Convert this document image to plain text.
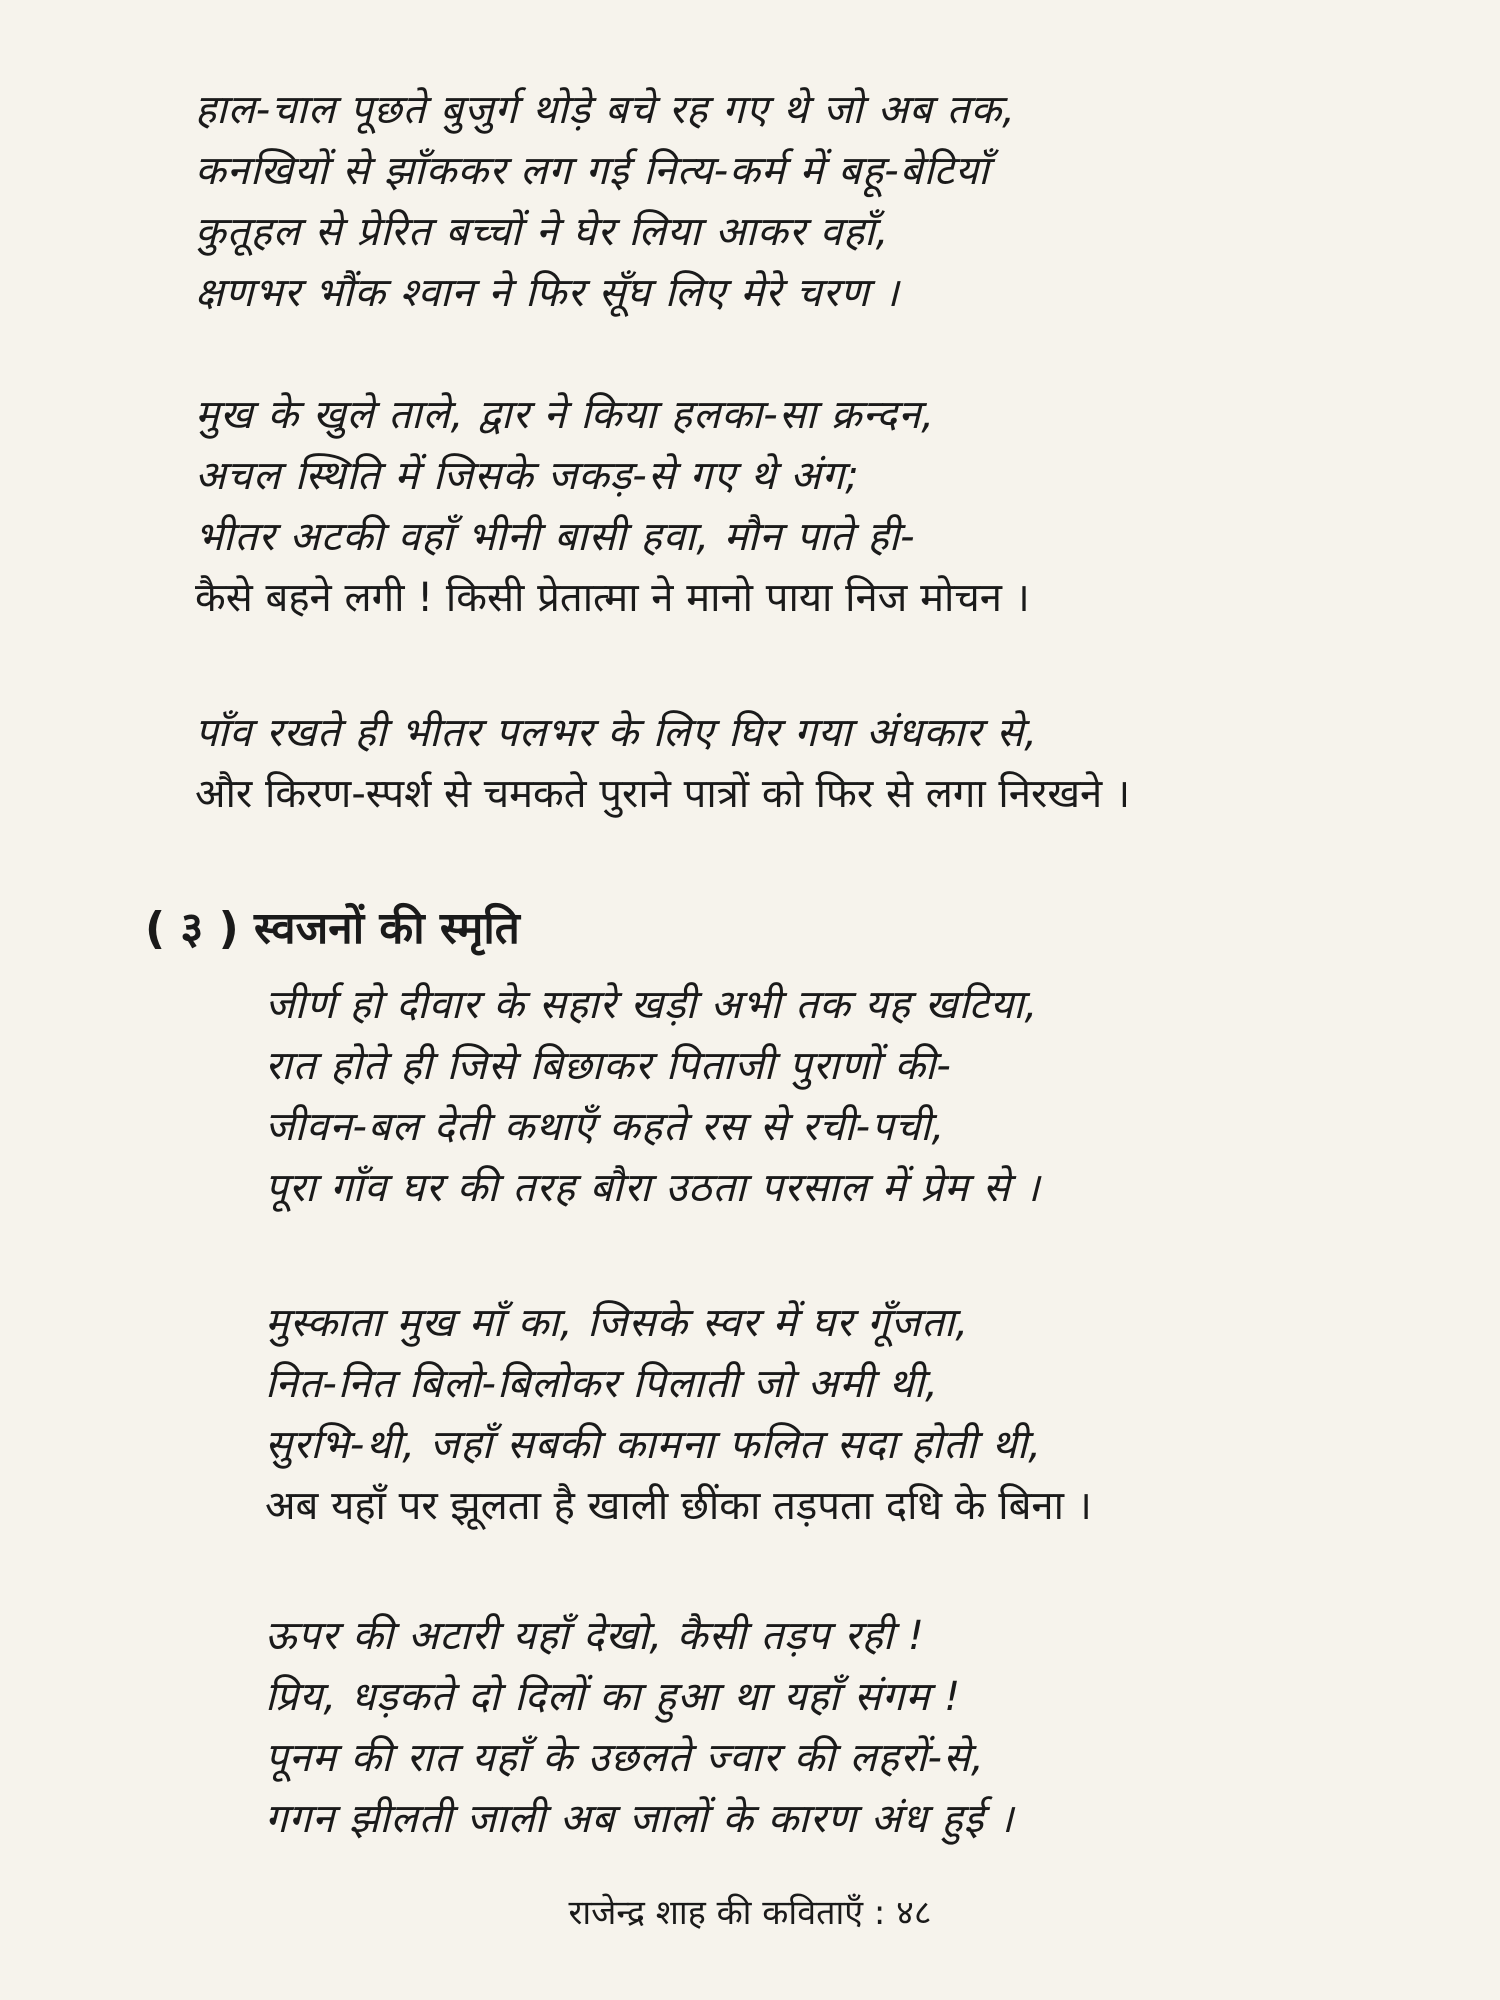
हाल-चाल पूछते बुजुर्ग थोड़े बचे रह गए थे जो अब तक,
कनखियों से झाँककर लग गई नित्य-कर्म में बहू-बेटियाँ
कुतूहल से प्रेरित बच्चों ने घेर लिया आकर वहाँ,
क्षणभर भौंक श्वान ने फिर सूँघ लिए मेरे चरण ।
मुख के खुले ताले, द्वार ने किया हलका-सा क्रन्दन,
अचल स्थिति में जिसके जकड़-से गए थे अंग;
भीतर अटकी वहाँ भीनी बासी हवा, मौन पाते ही-
कैसे बहने लगी ! किसी प्रेतात्मा ने मानो पाया निज मोचन ।
पाँव रखते ही भीतर पलभर के लिए घिर गया अंधकार से,
और किरण-स्पर्श से चमकते पुराने पात्रों को फिर से लगा निरखने ।
( ३ ) स्वजनों की स्मृति
जीर्ण हो दीवार के सहारे खड़ी अभी तक यह खटिया,
रात होते ही जिसे बिछाकर पिताजी पुराणों की-
जीवन-बल देती कथाएँ कहते रस से रची-पची,
पूरा गाँव घर की तरह बौरा उठता परसाल में प्रेम से ।
मुस्काता मुख माँ का, जिसके स्वर में घर गूँजता,
नित-नित बिलो-बिलोकर पिलाती जो अमी थी,
सुरभि-थी, जहाँ सबकी कामना फलित सदा होती थी,
अब यहाँ पर झूलता है खाली छींका तड़पता दधि के बिना ।
ऊपर की अटारी यहाँ देखो, कैसी तड़प रही !
प्रिय, धड़कते दो दिलों का हुआ था यहाँ संगम !
पूनम की रात यहाँ के उछलते ज्वार की लहरों-से,
गगन झीलती जाली अब जालों के कारण अंध हुई ।
राजेन्द्र शाह की कविताएँ : ४८
